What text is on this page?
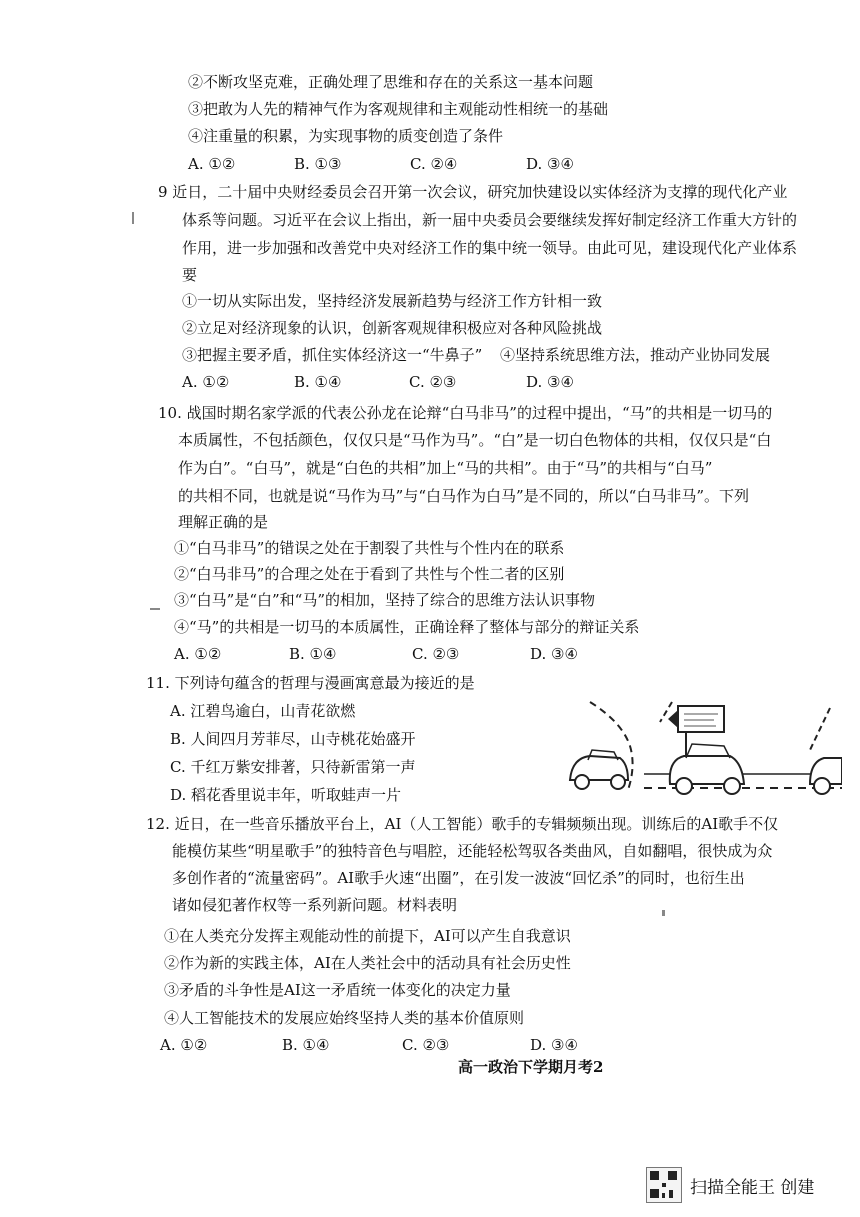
②不断攻坚克难，正确处理了思维和存在的关系这一基本问题
③把敢为人先的精神气作为客观规律和主观能动性相统一的基础
④注重量的积累，为实现事物的质变创造了条件
A. ①②	B. ①③	C. ②④	D. ③④
9 近日，二十届中央财经委员会召开第一次会议，研究加快建设以实体经济为支撑的现代化产业
体系等问题。习近平在会议上指出，新一届中央委员会要继续发挥好制定经济工作重大方针的
作用，进一步加强和改善党中央对经济工作的集中统一领导。由此可见，建设现代化产业体系
要
①一切从实际出发，坚持经济发展新趋势与经济工作方针相一致
②立足对经济现象的认识，创新客观规律积极应对各种风险挑战
③把握主要矛盾，抓住实体经济这一“牛鼻子” ④坚持系统思维方法，推动产业协同发展
A. ①②	B. ①④	C. ②③	D. ③④
10. 战国时期名家学派的代表公孙龙在论辩“白马非马”的过程中提出，“马”的共相是一切马的
本质属性，不包括颜色，仅仅只是“马作为马”。“白”是一切白色物体的共相，仅仅只是“白
作为白”。“白马”，就是“白色的共相”加上“马的共相”。由于“马”的共相与“白马”
的共相不同，也就是说“马作为马”与“白马作为白马”是不同的，所以“白马非马”。下列
理解正确的是
①“白马非马”的错误之处在于割裂了共性与个性内在的联系
②“白马非马”的合理之处在于看到了共性与个性二者的区别
③“白马”是“白”和“马”的相加，坚持了综合的思维方法认识事物
④“马”的共相是一切马的本质属性，正确诠释了整体与部分的辩证关系
A. ①②	B. ①④	C. ②③	D. ③④
11. 下列诗句蕴含的哲理与漫画寓意最为接近的是
A. 江碧鸟逾白，山青花欲燃
B. 人间四月芳菲尽，山寺桃花始盛开
C. 千红万紫安排著，只待新雷第一声
D. 稻花香里说丰年，听取蛙声一片
12. 近日，在一些音乐播放平台上，AI（人工智能）歌手的专辑频频出现。训练后的AI歌手不仅
能模仿某些“明星歌手”的独特音色与唱腔，还能轻松驾驭各类曲风，自如翻唱，很快成为众
多创作者的“流量密码”。AI歌手火速“出圈”，在引发一波波“回忆杀”的同时，也衍生出
诸如侵犯著作权等一系列新问题。材料表明
①在人类充分发挥主观能动性的前提下，AI可以产生自我意识
②作为新的实践主体，AI在人类社会中的活动具有社会历史性
③矛盾的斗争性是AI这一矛盾统一体变化的决定力量
④人工智能技术的发展应始终坚持人类的基本价值原则
A. ①②	B. ①④	C. ②③	D. ③④
高一政治下学期月考2
扫描全能王 创建
